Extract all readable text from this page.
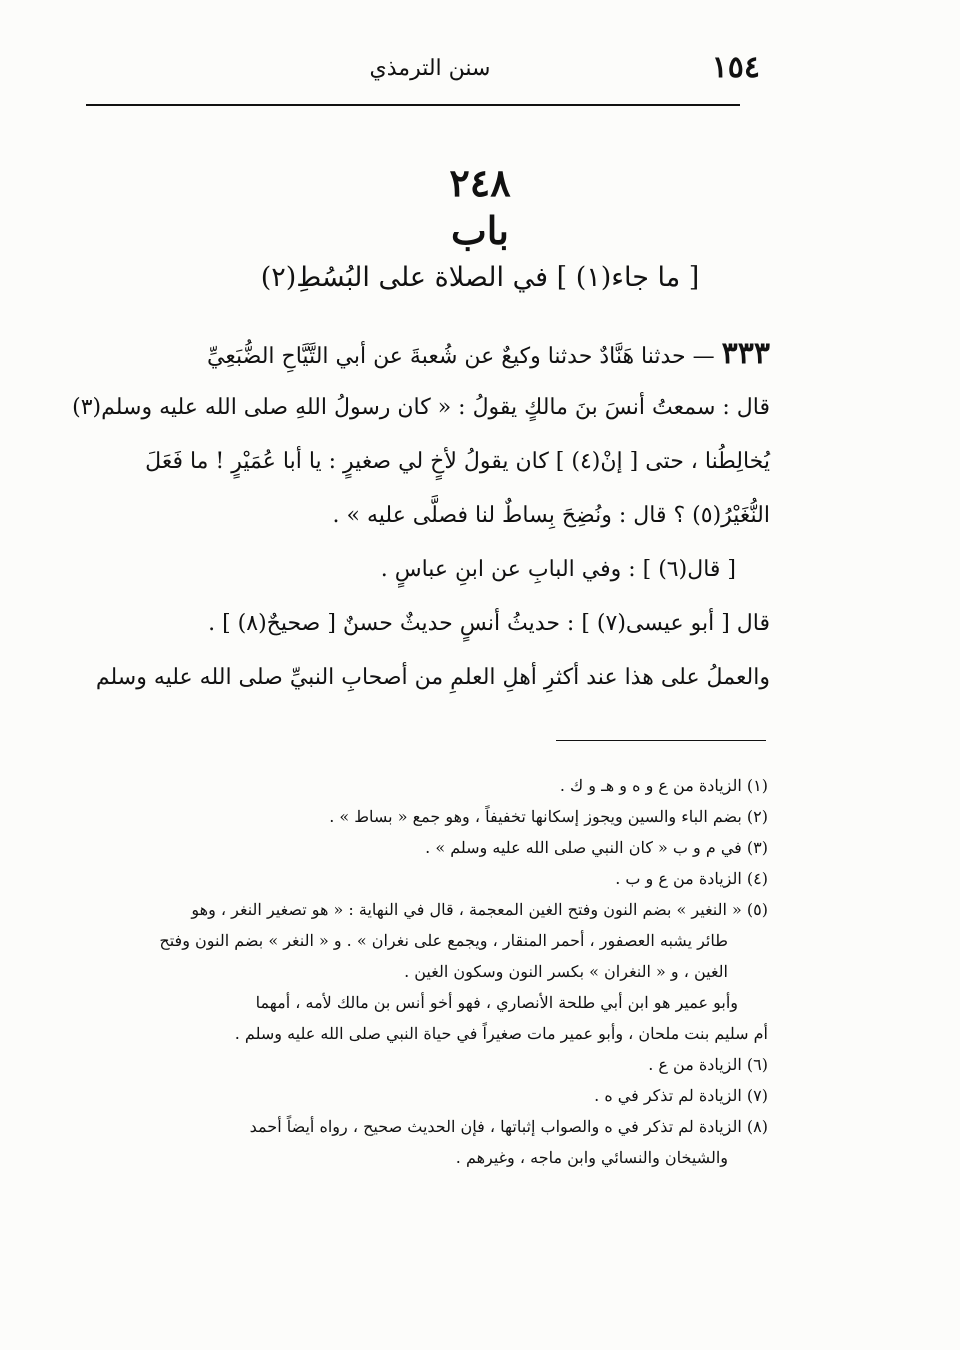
سنن الترمذي	١٥٤
٢٤٨
باب
[ ما جاء(١) ] في الصلاة على البُسُطِ(٢)
٣٣٣ — حدثنا هَنَّادٌ حدثنا وكيعٌ عن شُعبةَ عن أبي التَّيَّاحِ الضُّبَعِيِّ
قال : سمعتُ أنسَ بنَ مالكٍ يقولُ : « كان رسولُ اللهِ صلى الله عليه وسلم(٣)
يُخالِطُنا ، حتى [ إنْ(٤) ] كان يقولُ لأخٍ لي صغيرٍ : يا أبا عُمَيْرٍ ! ما فَعَلَ
النُّغَيْرُ(٥) ؟ قال : ونُضِحَ بِساطٌ لنا فصلَّى عليه » .
[ قال(٦) ] : وفي البابِ عن ابنِ عباسٍ .
قال [ أبو عيسى(٧) ] : حديثُ أنسٍ حديثٌ حسنٌ [ صحيحٌ(٨) ] .
والعملُ على هذا عند أكثرِ أهلِ العلمِ من أصحابِ النبيِّ صلى الله عليه وسلم
(١) الزيادة من ع و ه و هـ و ك .
(٢) بضم الباء والسين ويجوز إسكانها تخفيفاً ، وهو جمع « بساط » .
(٣) في م و ب « كان النبي صلى الله عليه وسلم » .
(٤) الزيادة من ع و ب .
(٥) « النغير » بضم النون وفتح الغين المعجمة ، قال في النهاية : « هو تصغير النغر ، وهو
طائر يشبه العصفور ، أحمر المنقار ، ويجمع على نغران » . و « النغر » بضم النون وفتح
الغين ، و « النغران » بكسر النون وسكون الغين .
وأبو عمير هو ابن أبي طلحة الأنصاري ، فهو أخو أنس بن مالك لأمه ، أمهما
أم سليم بنت ملحان ، وأبو عمير مات صغيراً في حياة النبي صلى الله عليه وسلم .
(٦) الزيادة من ع .
(٧) الزيادة لم تذكر في ه .
(٨) الزيادة لم تذكر في ه والصواب إثباتها ، فإن الحديث صحيح ، رواه أيضاً أحمد
والشيخان والنسائي وابن ماجه ، وغيرهم .
